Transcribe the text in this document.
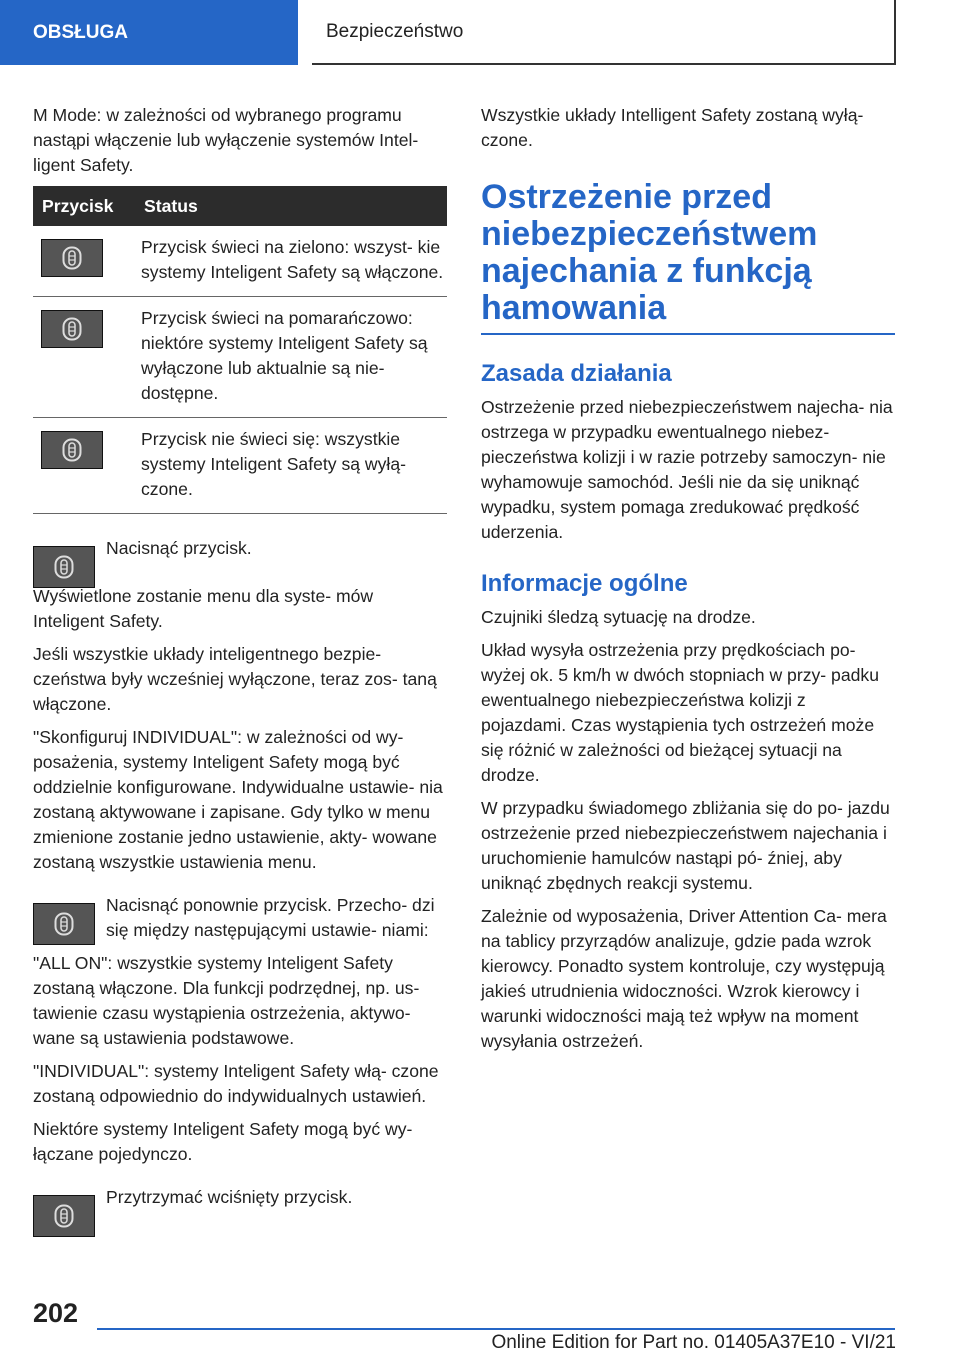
OBSŁUGA	Bezpieczeństwo

M Mode: w zależności od wybranego programu nastąpi włączenie lub wyłączenie systemów Intel‐ ligent Safety.

Przycisk	Status

	Przycisk świeci na zielono: wszyst‐ kie systemy Inteligent Safety są włączone.

	Przycisk świeci na pomarańczowo: niektóre systemy Inteligent Safety są wyłączone lub aktualnie są nie‐ dostępne.

	Przycisk nie świeci się: wszystkie systemy Inteligent Safety są wyłą‐ czone.

Nacisnąć przycisk.

Wyświetlone zostanie menu dla syste‐ mów Inteligent Safety.

Jeśli wszystkie układy inteligentnego bezpie‐ czeństwa były wcześniej wyłączone, teraz zos‐ taną włączone.

"Skonfiguruj INDIVIDUAL": w zależności od wy‐ posażenia, systemy Inteligent Safety mogą być oddzielnie konfigurowane. Indywidualne ustawie‐ nia zostaną aktywowane i zapisane. Gdy tylko w menu zmienione zostanie jedno ustawienie, akty‐ wowane zostaną wszystkie ustawienia menu.

Nacisnąć ponownie przycisk. Przecho‐ dzi się między następującymi ustawie‐ niami:

"ALL ON": wszystkie systemy Inteligent Safety zostaną włączone. Dla funkcji podrzędnej, np. us‐ tawienie czasu wystąpienia ostrzeżenia, aktywo‐ wane są ustawienia podstawowe.

"INDIVIDUAL": systemy Inteligent Safety włą‐ czone zostaną odpowiednio do indywidualnych ustawień.

Niektóre systemy Inteligent Safety mogą być wy‐ łączane pojedynczo.

Przytrzymać wciśnięty przycisk.

Wszystkie układy Intelligent Safety zostaną wyłą‐ czone.

Ostrzeżenie przed niebezpieczeństwem najechania z funkcją hamowania
Zasada działania

Ostrzeżenie przed niebezpieczeństwem najecha‐ nia ostrzega w przypadku ewentualnego niebez‐ pieczeństwa kolizji i w razie potrzeby samoczyn‐ nie wyhamowuje samochód. Jeśli nie da się uniknąć wypadku, system pomaga zredukować prędkość uderzenia.

Informacje ogólne

Czujniki śledzą sytuację na drodze.

Układ wysyła ostrzeżenia przy prędkościach po‐ wyżej ok. 5 km/h w dwóch stopniach w przy‐ padku ewentualnego niebezpieczeństwa kolizji z pojazdami. Czas wystąpienia tych ostrzeżeń może się różnić w zależności od bieżącej sytuacji na drodze.

W przypadku świadomego zbliżania się do po‐ jazdu ostrzeżenie przed niebezpieczeństwem najechania i uruchomienie hamulców nastąpi pó‐ źniej, aby uniknąć zbędnych reakcji systemu.

Zależnie od wyposażenia, Driver Attention Ca‐ mera na tablicy przyrządów analizuje, gdzie pada wzrok kierowcy. Ponadto system kontroluje, czy występują jakieś utrudnienia widoczności. Wzrok kierowcy i warunki widoczności mają też wpływ na moment wysyłania ostrzeżeń.

202
Online Edition for Part no. 01405A37E10 - VI/21
